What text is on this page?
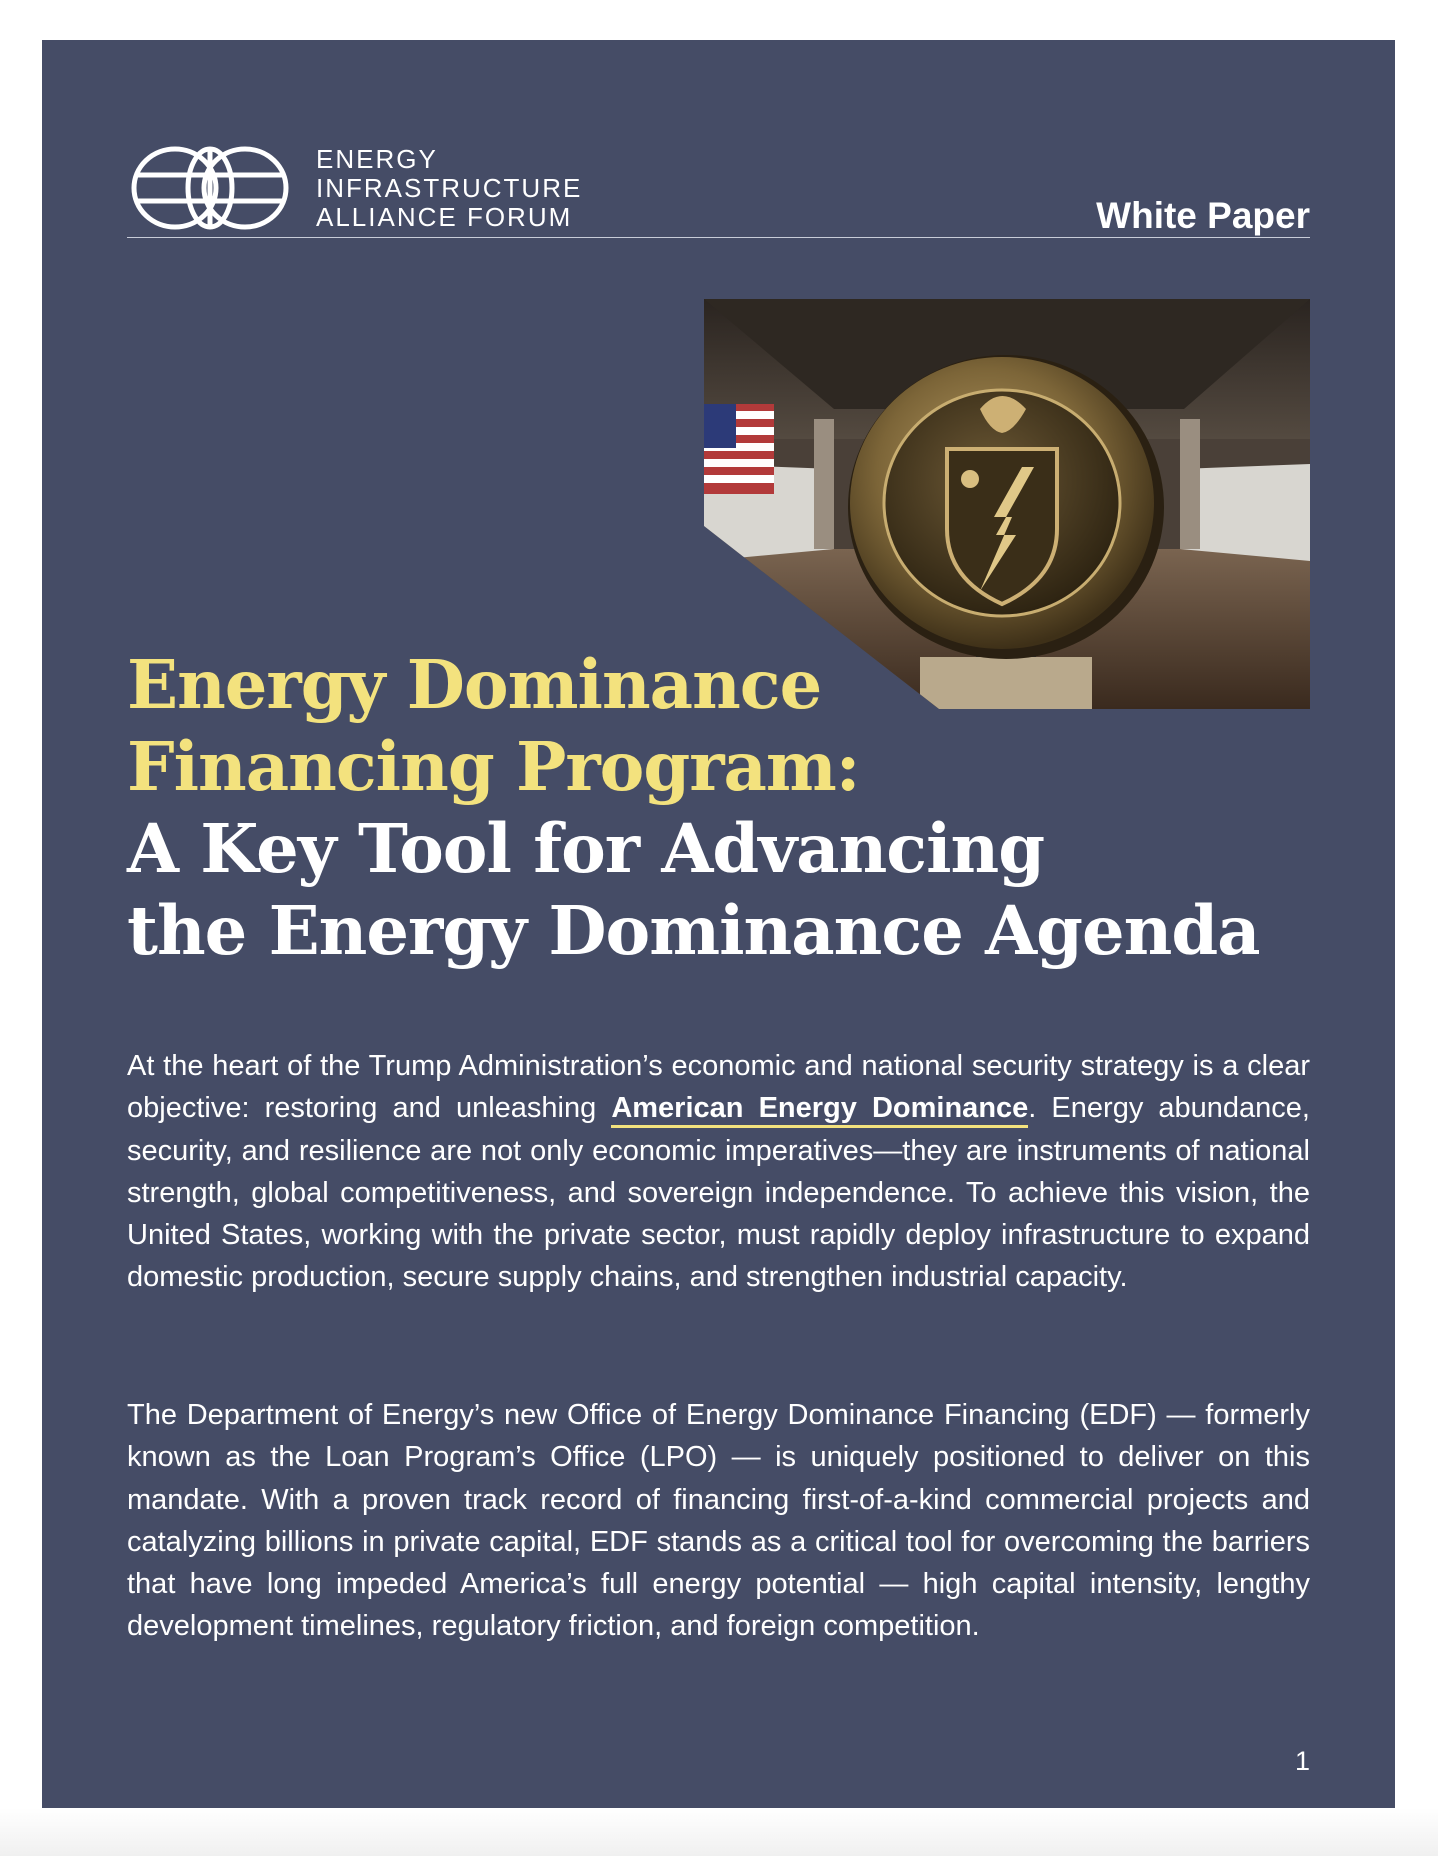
ENERGY
INFRASTRUCTURE
ALLIANCE FORUM	White Paper
Energy Dominance
Financing Program:
A Key Tool for Advancing
the Energy Dominance Agenda

At the heart of the Trump Administration’s economic and national security strategy is a clear objective: restoring and unleashing American Energy Dominance. Energy abundance, security, and resilience are not only economic imperatives—they are instruments of national strength, global competitiveness, and sovereign independence. To achieve this vision, the United States, working with the private sector, must rapidly deploy infrastructure to expand domestic production, secure supply chains, and strengthen industrial capacity.

The Department of Energy’s new Office of Energy Dominance Financing (EDF) — formerly known as the Loan Program’s Office (LPO) — is uniquely positioned to deliver on this mandate. With a proven track record of financing first-of-a-kind commercial projects and catalyzing billions in private capital, EDF stands as a critical tool for overcoming the barriers that have long impeded America’s full energy potential — high capital intensity, lengthy development timelines, regulatory friction, and foreign competition.

1
